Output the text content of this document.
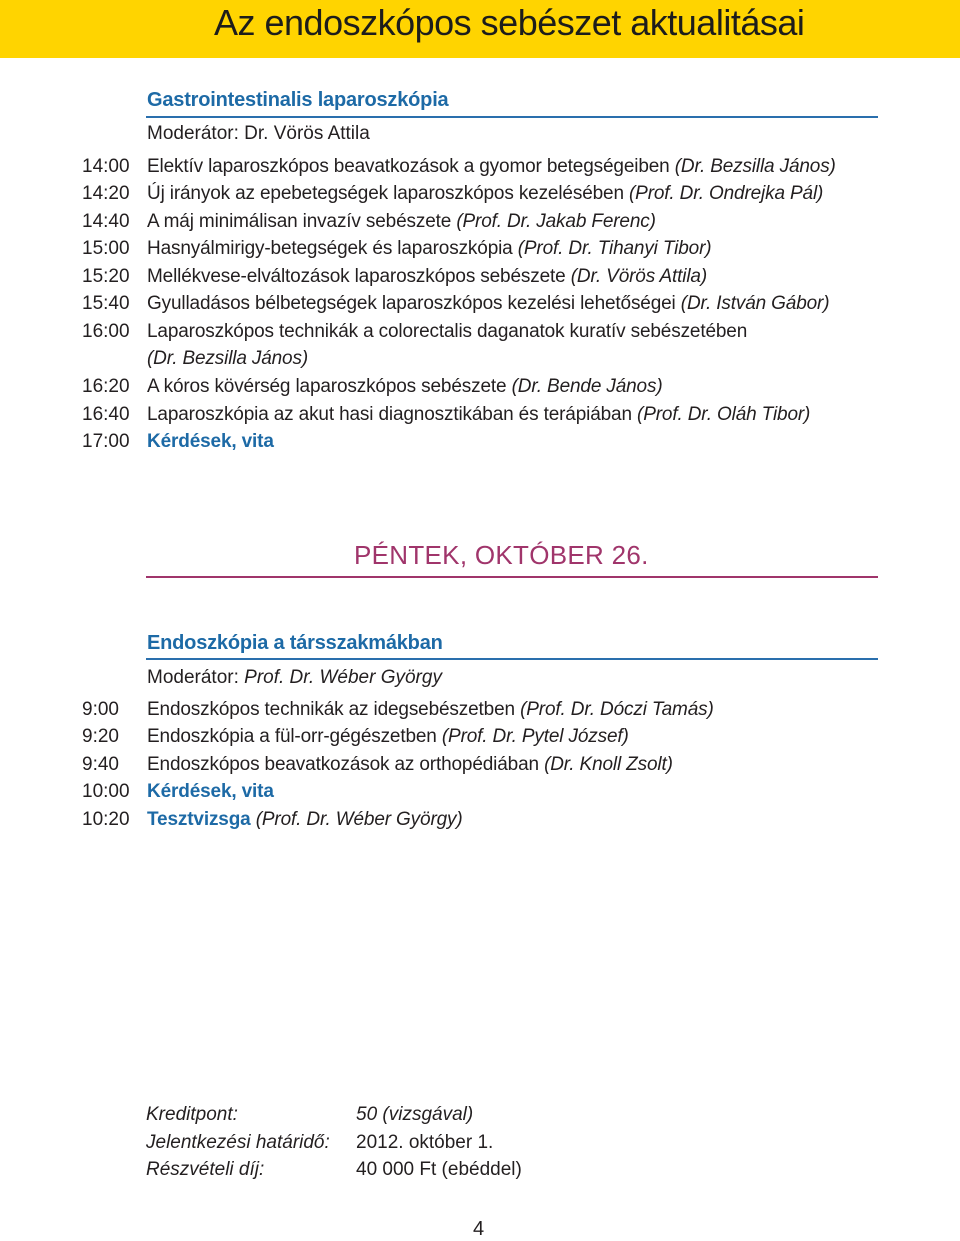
Az endoszkópos sebészet aktualitásai
Gastrointestinalis laparoszkópia
Moderátor: Dr. Vörös Attila
14:00 Elektív laparoszkópos beavatkozások a gyomor betegségeiben (Dr. Bezsilla János)
14:20 Új irányok az epebetegségek laparoszkópos kezelésében (Prof. Dr. Ondrejka Pál)
14:40 A máj minimálisan invazív sebészete (Prof. Dr. Jakab Ferenc)
15:00 Hasnyálmirigy-betegségek és laparoszkópia (Prof. Dr. Tihanyi Tibor)
15:20 Mellékvese-elváltozások laparoszkópos sebészete (Dr. Vörös Attila)
15:40 Gyulladásos bélbetegségek laparoszkópos kezelési lehetőségei (Dr. István Gábor)
16:00 Laparoszkópos technikák a colorectalis daganatok kuratív sebészetében
(Dr. Bezsilla János)
16:20 A kóros kövérség laparoszkópos sebészete (Dr. Bende János)
16:40 Laparoszkópia az akut hasi diagnosztikában és terápiában (Prof. Dr. Oláh Tibor)
17:00 Kérdések, vita
PÉNTEK, OKTÓBER 26.
Endoszkópia a társszakmákban
Moderátor: Prof. Dr. Wéber György
9:00	Endoszkópos technikák az idegsebészetben (Prof. Dr. Dóczi Tamás)
9:20	Endoszkópia a fül-orr-gégészetben (Prof. Dr. Pytel József)
9:40	Endoszkópos beavatkozások az orthopédiában (Dr. Knoll Zsolt)
10:00 Kérdések, vita
10:20 Tesztvizsga (Prof. Dr. Wéber György)
Kreditpont:	50 (vizsgával)
Jelentkezési határidő: 2012. október 1.
Részvételi díj:	40 000 Ft (ebéddel)
4
